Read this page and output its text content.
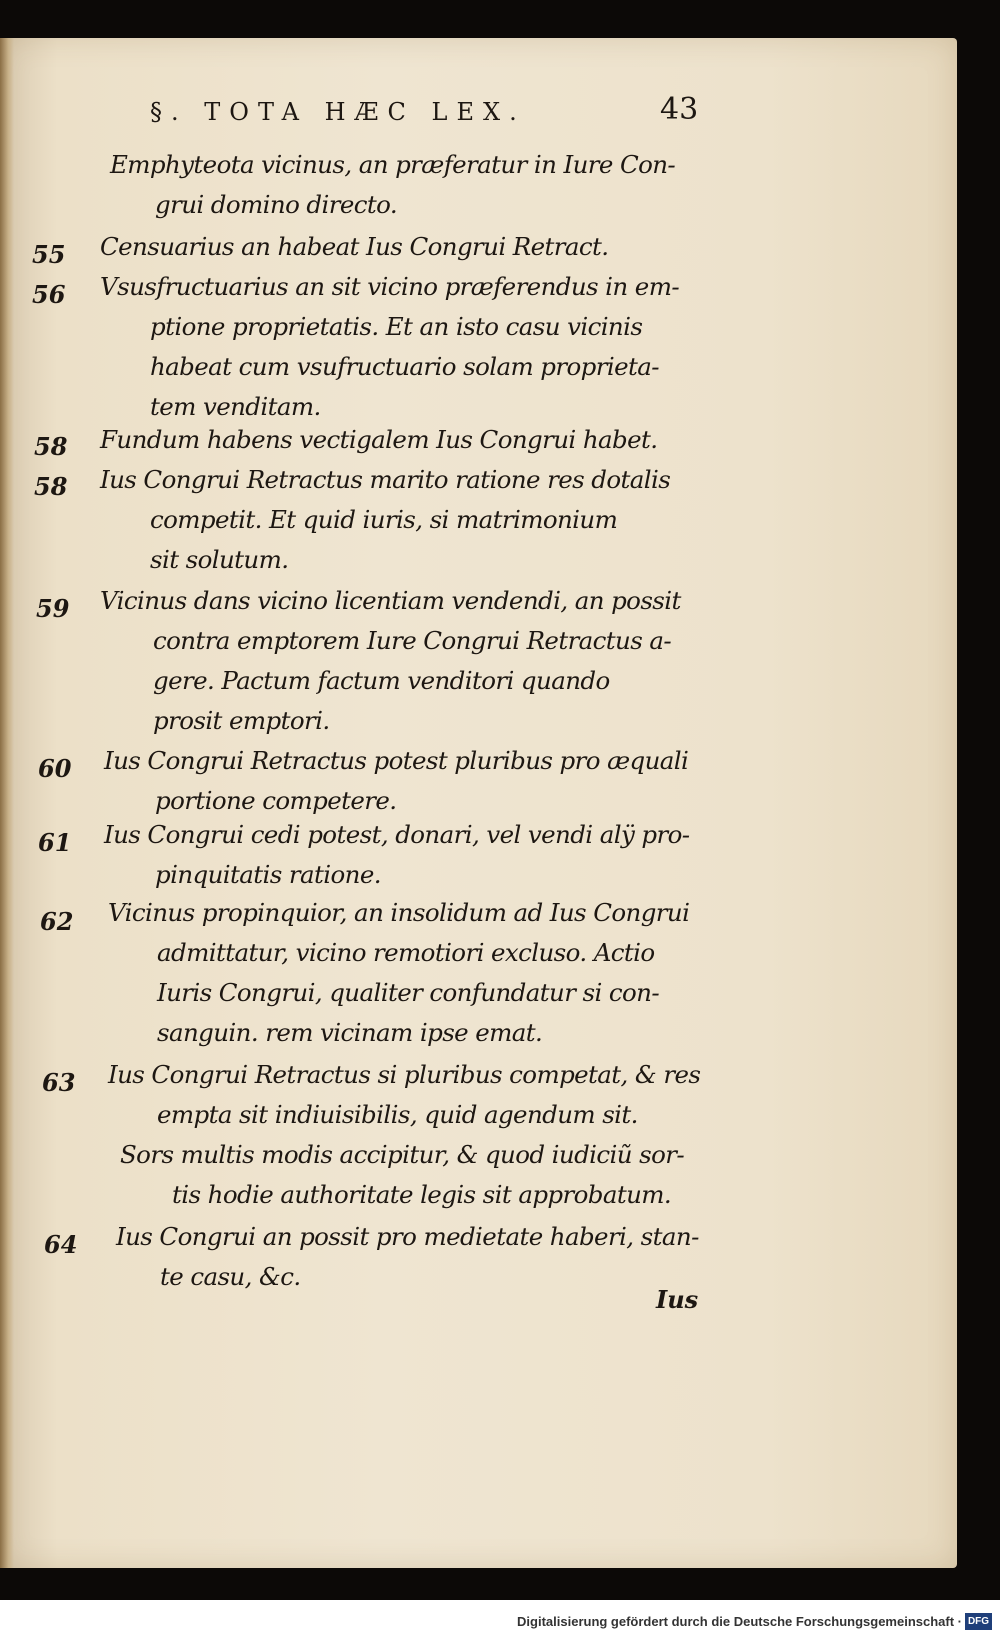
§. TOTA HÆC LEX.	43
Emphyteota vicinus, an præferatur in Iure Con-
grui domino directo.
55 Censuarius an habeat Ius Congrui Retract.
56 Vsusfructuarius an sit vicino præferendus in em-
ptione proprietatis. Et an isto casu vicinis
habeat cum vsufructuario solam proprieta-
tem venditam.
58 Fundum habens vectigalem Ius Congrui habet.
58 Ius Congrui Retractus marito ratione res dotalis
competit. Et quid iuris, si matrimonium
sit solutum.
59 Vicinus dans vicino licentiam vendendi, an possit
contra emptorem Iure Congrui Retractus a-
gere. Pactum factum venditori quando
prosit emptori.
60 Ius Congrui Retractus potest pluribus pro æquali
portione competere.
61 Ius Congrui cedi potest, donari, vel vendi alÿ pro-
pinquitatis ratione.
62 Vicinus propinquior, an insolidum ad Ius Congrui
admittatur, vicino remotiori excluso. Actio
Iuris Congrui, qualiter confundatur si con-
sanguin. rem vicinam ipse emat.
63 Ius Congrui Retractus si pluribus competat, & res
empta sit indiuisibilis, quid agendum sit.
Sors multis modis accipitur, & quod iudiciũ sor-
tis hodie authoritate legis sit approbatum.
64 Ius Congrui an possit pro medietate haberi, stan-
te casu, &c.
Ius
Digitalisierung gefördert durch die Deutsche Forschungsgemeinschaft · DFG
